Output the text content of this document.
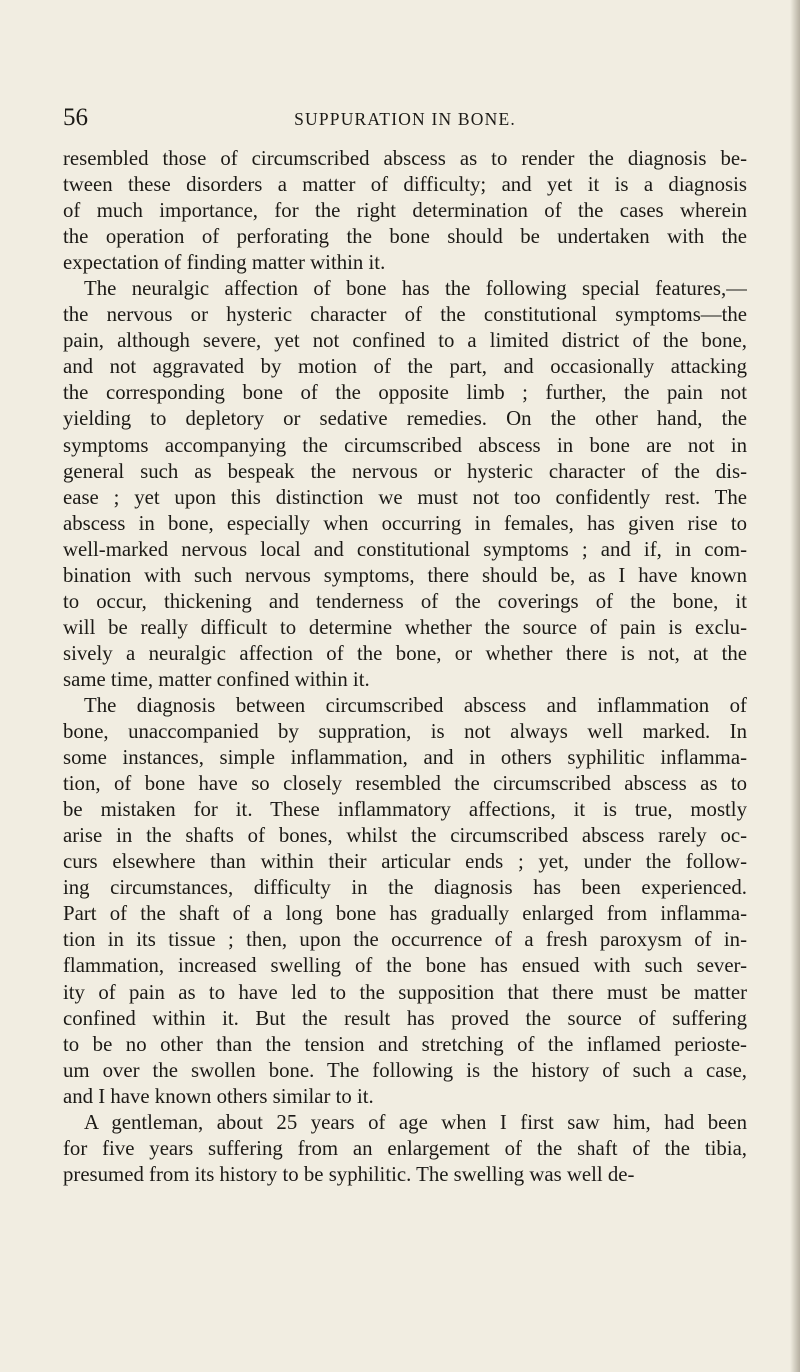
56	SUPPURATION IN BONE.
resembled those of circumscribed abscess as to render the diagnosis be-
tween these disorders a matter of difficulty; and yet it is a diagnosis
of much importance, for the right determination of the cases wherein
the operation of perforating the bone should be undertaken with the
expectation of finding matter within it.
The neuralgic affection of bone has the following special features,—
the nervous or hysteric character of the constitutional symptoms—the
pain, although severe, yet not confined to a limited district of the bone,
and not aggravated by motion of the part, and occasionally attacking
the corresponding bone of the opposite limb ; further, the pain not
yielding to depletory or sedative remedies. On the other hand, the
symptoms accompanying the circumscribed abscess in bone are not in
general such as bespeak the nervous or hysteric character of the dis-
ease ; yet upon this distinction we must not too confidently rest. The
abscess in bone, especially when occurring in females, has given rise to
well-marked nervous local and constitutional symptoms ; and if, in com-
bination with such nervous symptoms, there should be, as I have known
to occur, thickening and tenderness of the coverings of the bone, it
will be really difficult to determine whether the source of pain is exclu-
sively a neuralgic affection of the bone, or whether there is not, at the
same time, matter confined within it.
The diagnosis between circumscribed abscess and inflammation of
bone, unaccompanied by suppration, is not always well marked. In
some instances, simple inflammation, and in others syphilitic inflamma-
tion, of bone have so closely resembled the circumscribed abscess as to
be mistaken for it. These inflammatory affections, it is true, mostly
arise in the shafts of bones, whilst the circumscribed abscess rarely oc-
curs elsewhere than within their articular ends ; yet, under the follow-
ing circumstances, difficulty in the diagnosis has been experienced.
Part of the shaft of a long bone has gradually enlarged from inflamma-
tion in its tissue ; then, upon the occurrence of a fresh paroxysm of in-
flammation, increased swelling of the bone has ensued with such sever-
ity of pain as to have led to the supposition that there must be matter
confined within it. But the result has proved the source of suffering
to be no other than the tension and stretching of the inflamed perioste-
um over the swollen bone. The following is the history of such a case,
and I have known others similar to it.
A gentleman, about 25 years of age when I first saw him, had been
for five years suffering from an enlargement of the shaft of the tibia,
presumed from its history to be syphilitic. The swelling was well de-
